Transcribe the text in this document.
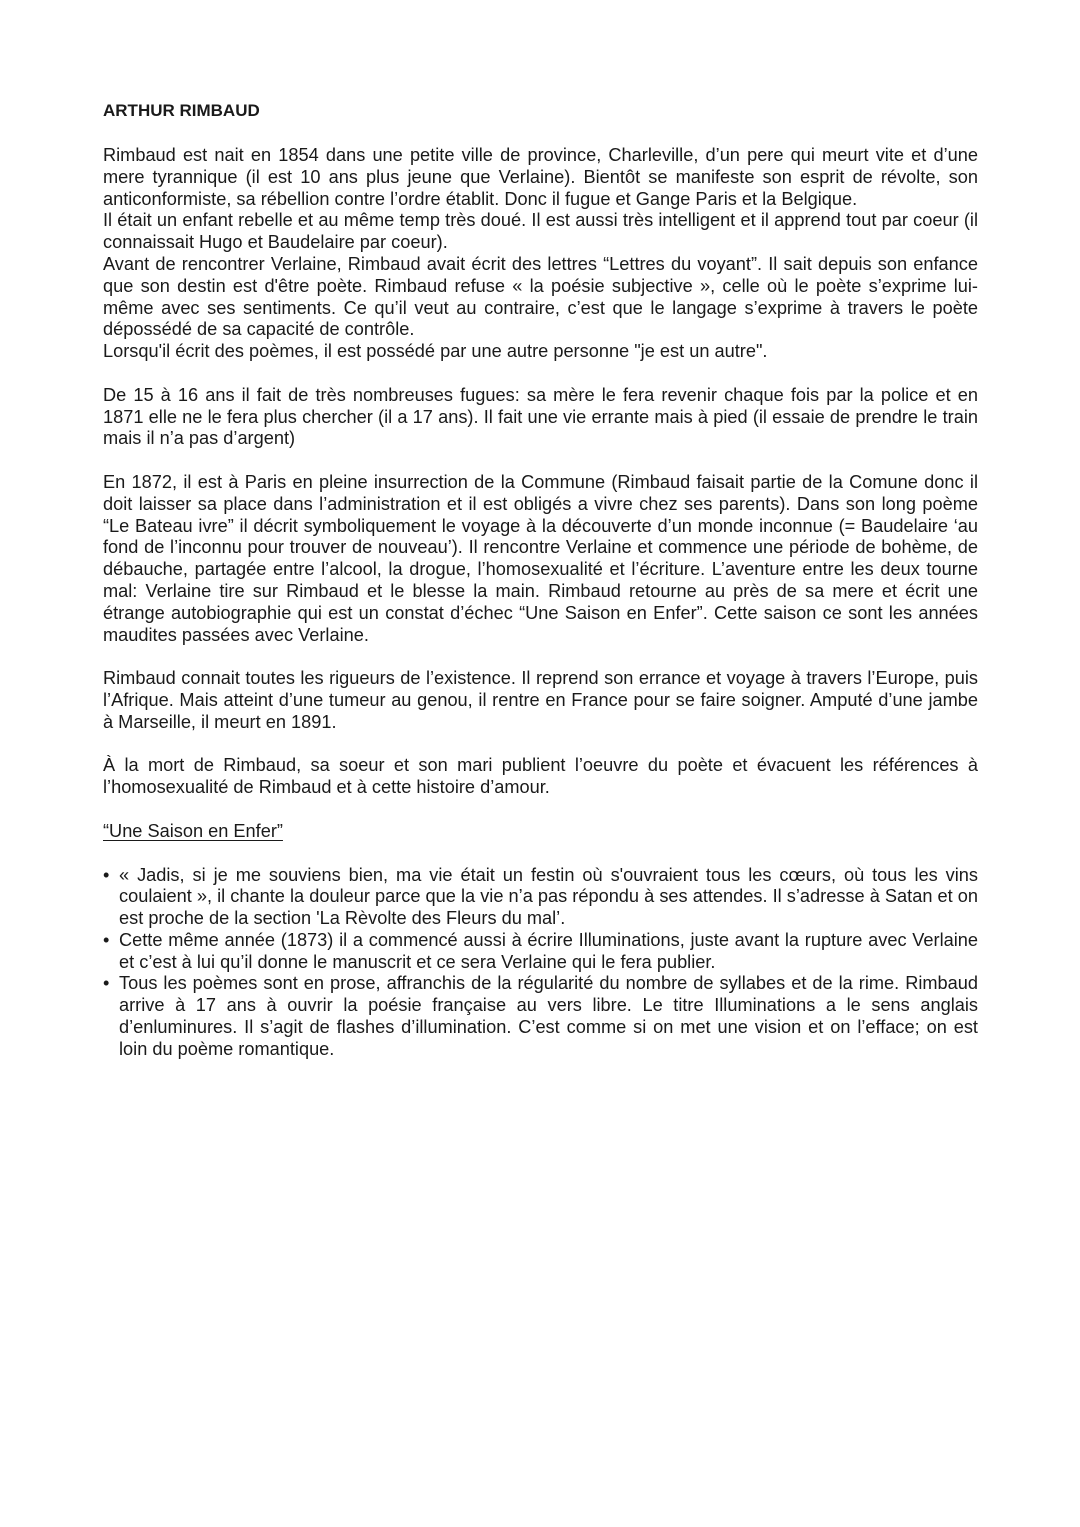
ARTHUR RIMBAUD

Rimbaud est nait en 1854 dans une petite ville de province, Charleville, d’un pere qui meurt vite et d’une mere tyrannique (il est 10 ans plus jeune que Verlaine). Bientôt se manifeste son esprit de révolte, son anticonformiste, sa rébellion contre l’ordre établit. Donc il fugue et Gange Paris et la Belgique.

Il était un enfant rebelle et au même temp très doué. Il est aussi très intelligent et il apprend tout par coeur (il connaissait Hugo et Baudelaire par coeur).

Avant de rencontrer Verlaine, Rimbaud avait écrit des lettres “Lettres du voyant”. Il sait depuis son enfance que son destin est d'être poète. Rimbaud refuse « la poésie subjective », celle où le poète s’exprime lui-même avec ses sentiments. Ce qu’il veut au contraire, c’est que le langage s’exprime à travers le poète dépossédé de sa capacité de contrôle.

Lorsqu'il écrit des poèmes, il est possédé par une autre personne "je est un autre".

De 15 à 16 ans il fait de très nombreuses fugues: sa mère le fera revenir chaque fois par la police et en 1871 elle ne le fera plus chercher (il a 17 ans). Il fait une vie errante mais à pied (il essaie de prendre le train mais il n’a pas d’argent)

En 1872, il est à Paris en pleine insurrection de la Commune (Rimbaud faisait partie de la Comune donc il doit laisser sa place dans l’administration et il est obligés a vivre chez ses parents). Dans son long poème “Le Bateau ivre” il décrit symboliquement le voyage à la découverte d’un monde inconnue (= Baudelaire ‘au fond de l’inconnu pour trouver de nouveau’). Il rencontre Verlaine et commence une période de bohème, de débauche, partagée entre l’alcool, la drogue, l’homosexualité et l’écriture. L’aventure entre les deux tourne mal: Verlaine tire sur Rimbaud et le blesse la main. Rimbaud retourne au près de sa mere et écrit une étrange autobiographie qui est un constat d’échec “Une Saison en Enfer”. Cette saison ce sont les années maudites passées avec Verlaine.

Rimbaud connait toutes les rigueurs de l’existence. Il reprend son errance et voyage à travers l’Europe, puis l’Afrique. Mais atteint d’une tumeur au genou, il rentre en France pour se faire soigner. Amputé d’une jambe à Marseille, il meurt en 1891.

À la mort de Rimbaud, sa soeur et son mari publient l’oeuvre du poète et évacuent les références à l’homosexualité de Rimbaud et à cette histoire d’amour.

“Une Saison en Enfer”
• « Jadis, si je me souviens bien, ma vie était un festin où s'ouvraient tous les cœurs, où tous les vins coulaient », il chante la douleur parce que la vie n’a pas répondu à ses attendes. Il s’adresse à Satan et on est proche de la section 'La Rèvolte des Fleurs du mal’.
• Cette même année (1873) il a commencé aussi à écrire Illuminations, juste avant la rupture avec Verlaine et c’est à lui qu’il donne le manuscrit et ce sera Verlaine qui le fera publier.
• Tous les poèmes sont en prose, affranchis de la régularité du nombre de syllabes et de la rime. Rimbaud arrive à 17 ans à ouvrir la poésie française au vers libre. Le titre Illuminations a le sens anglais d’enluminures. Il s’agit de flashes d’illumination. C’est comme si on met une vision et on l’efface; on est loin du poème romantique.
